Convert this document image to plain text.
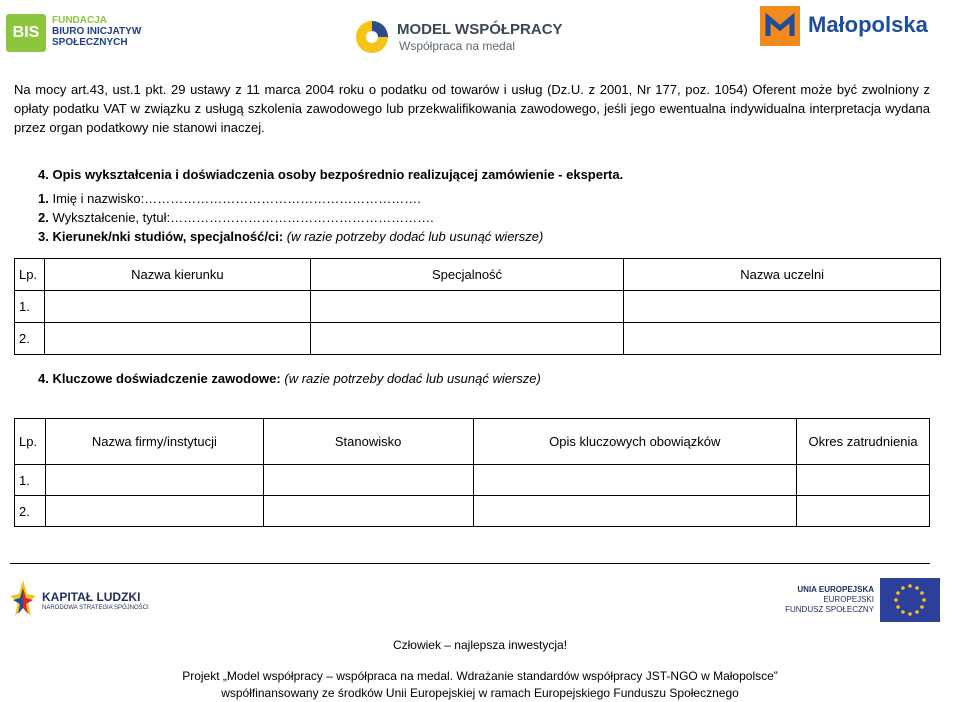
BIS
FUNDACJA
BIURO INICJATYW
SPOŁECZNYCH
MODEL WSPÓŁPRACY
Współpraca na medal
Małopolska

Na mocy art.43, ust.1 pkt. 29 ustawy z 11 marca 2004 roku o podatku od towarów i usług (Dz.U. z 2001, Nr 177, poz. 1054) Oferent może być zwolniony z opłaty podatku VAT w związku z usługą szkolenia zawodowego lub przekwalifikowania zawodowego, jeśli jego ewentualna indywidualna interpretacja wydana przez organ podatkowy nie stanowi inaczej.

4. Opis wykształcenia i doświadczenia osoby bezpośrednio realizującej zamówienie - eksperta.
1. Imię i nazwisko:……………………………………………………….
2. Wykształcenie, tytuł:…………………………………………………….
3. Kierunek/nki studiów, specjalność/ci: (w razie potrzeby dodać lub usunąć wiersze)
Lp.	Nazwa kierunku	Specjalność	Nazwa uczelni
1.			
2.			
4. Kluczowe doświadczenie zawodowe: (w razie potrzeby dodać lub usunąć wiersze)
Lp.	Nazwa firmy/instytucji	Stanowisko	Opis kluczowych obowiązków	Okres zatrudnienia
1.				
2.				
KAPITAŁ LUDZKI
NARODOWA STRATEGIA SPÓJNOŚCI
UNIA EUROPEJSKA
EUROPEJSKI
FUNDUSZ SPOŁECZNY
Człowiek – najlepsza inwestycja!
Projekt „Model współpracy – współpraca na medal. Wdrażanie standardów współpracy JST-NGO w Małopolsce”
współfinansowany ze środków Unii Europejskiej w ramach Europejskiego Funduszu Społecznego
